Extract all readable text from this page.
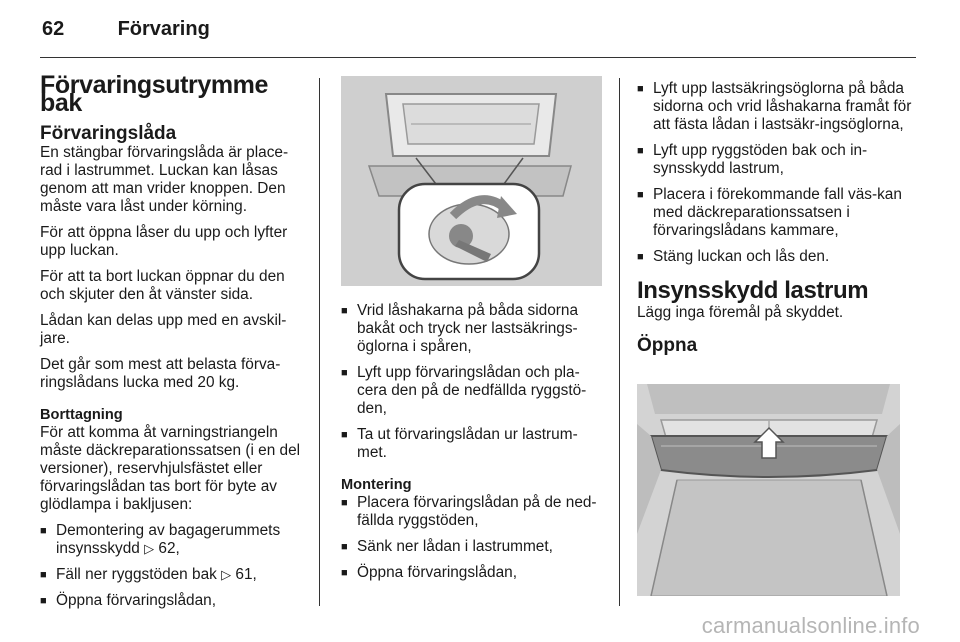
62	Förvaring
Förvaringsutrymme bak
Förvaringslåda

En stängbar förvaringslåda är place-rad i lastrummet. Luckan kan låsas genom att man vrider knoppen. Den måste vara låst under körning.

För att öppna låser du upp och lyfter upp luckan.

För att ta bort luckan öppnar du den och skjuter den åt vänster sida.

Lådan kan delas upp med en avskil-jare.

Det går som mest att belasta förva-ringslådans lucka med 20 kg.

Borttagning

För att komma åt varningstriangeln måste däckreparationssatsen (i en del versioner), reservhjulsfästet eller förvaringslådan tas bort för byte av glödlampa i bakljusen:

■ Demontering av bagagerummets insynsskydd ▷ 62,
■ Fäll ner ryggstöden bak ▷ 61,
■ Öppna förvaringslådan,
■ Vrid låshakarna på båda sidorna bakåt och tryck ner lastsäkrings-öglorna i spåren,
■ Lyft upp förvaringslådan och pla-cera den på de nedfällda ryggstö-den,
■ Ta ut förvaringslådan ur lastrum-met.
Montering
■ Placera förvaringslådan på de ned-fällda ryggstöden,
■ Sänk ner lådan i lastrummet,
■ Öppna förvaringslådan,
■ Lyft upp lastsäkringsöglorna på båda sidorna och vrid låshakarna framåt för att fästa lådan i lastsäkr-ingsöglorna,
■ Lyft upp ryggstöden bak och in-synsskydd lastrum,
■ Placera i förekommande fall väs-kan med däckreparationssatsen i förvaringslådans kammare,
■ Stäng luckan och lås den.
Insynsskydd lastrum

Lägg inga föremål på skyddet.

Öppna
carmanualsonline.info
